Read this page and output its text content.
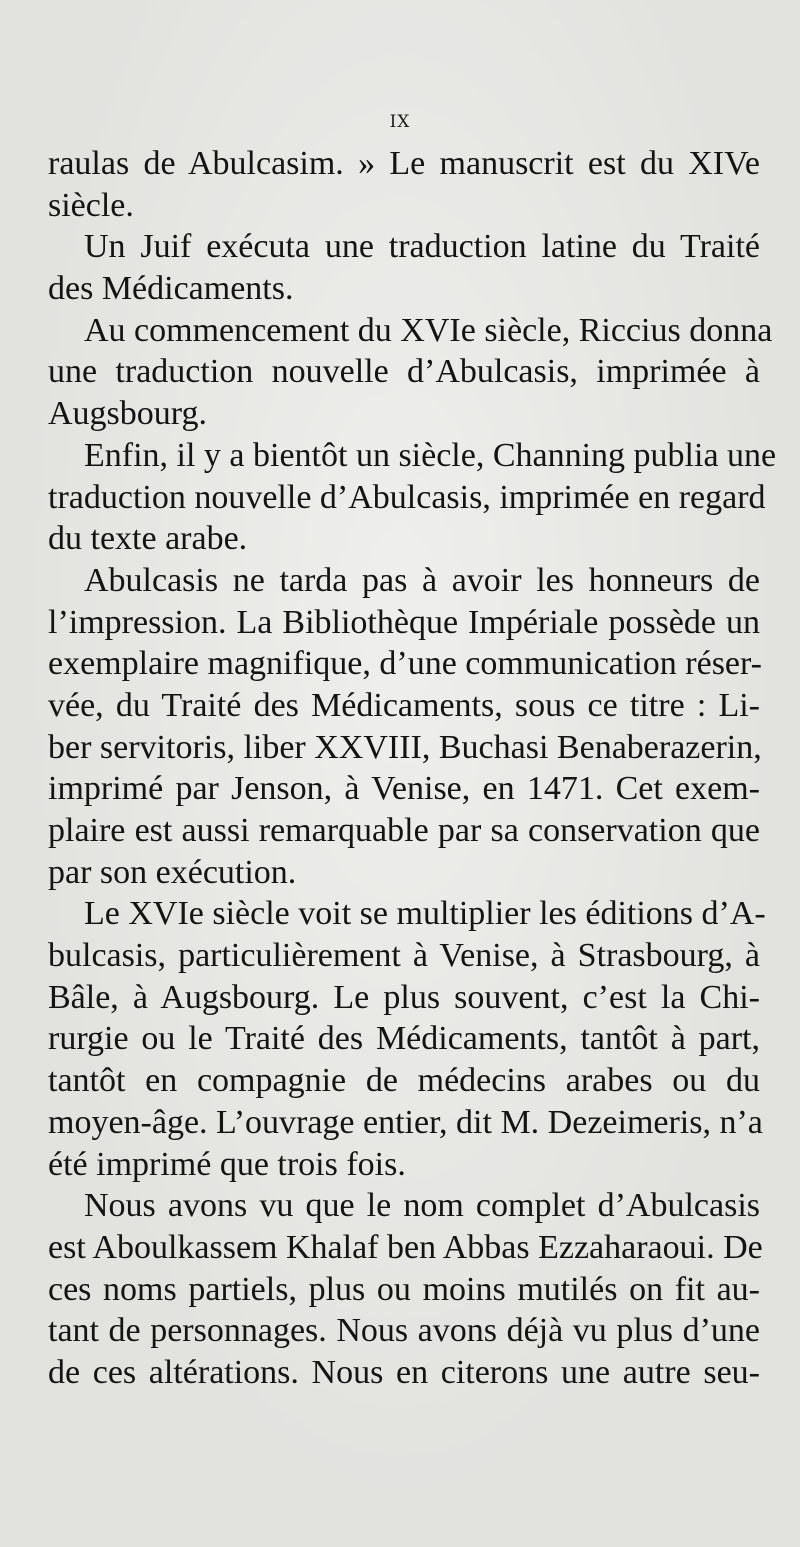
IX
raulas de Abulcasim. » Le manuscrit est du XIVe
siècle.
Un Juif exécuta une traduction latine du Traité
des Médicaments.
Au commencement du XVIe siècle, Riccius donna
une traduction nouvelle d’Abulcasis, imprimée à
Augsbourg.
Enfin, il y a bientôt un siècle, Channing publia une
traduction nouvelle d’Abulcasis, imprimée en regard
du texte arabe.
Abulcasis ne tarda pas à avoir les honneurs de
l’impression. La Bibliothèque Impériale possède un
exemplaire magnifique, d’une communication réser-
vée, du Traité des Médicaments, sous ce titre : Li-
ber servitoris, liber XXVIII, Buchasi Benaberazerin,
imprimé par Jenson, à Venise, en 1471. Cet exem-
plaire est aussi remarquable par sa conservation que
par son exécution.
Le XVIe siècle voit se multiplier les éditions d’A-
bulcasis, particulièrement à Venise, à Strasbourg, à
Bâle, à Augsbourg. Le plus souvent, c’est la Chi-
rurgie ou le Traité des Médicaments, tantôt à part,
tantôt en compagnie de médecins arabes ou du
moyen-âge. L’ouvrage entier, dit M. Dezeimeris, n’a
été imprimé que trois fois.
Nous avons vu que le nom complet d’Abulcasis
est Aboulkassem Khalaf ben Abbas Ezzaharaoui. De
ces noms partiels, plus ou moins mutilés on fit au-
tant de personnages. Nous avons déjà vu plus d’une
de ces altérations. Nous en citerons une autre seu-
